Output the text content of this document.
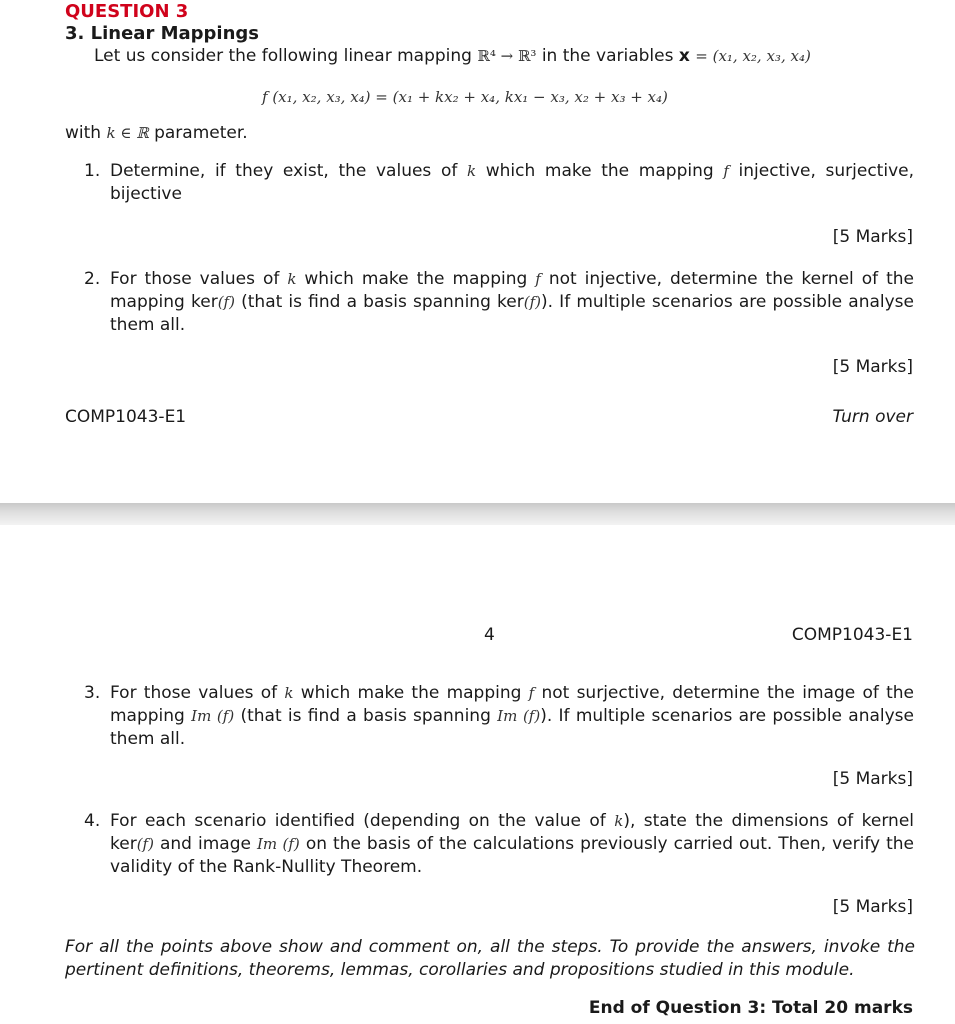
QUESTION 3
3. Linear Mappings
Let us consider the following linear mapping ℝ⁴ → ℝ³ in the variables x = (x₁, x₂, x₃, x₄)
f (x₁, x₂, x₃, x₄) = (x₁ + kx₂ + x₄, kx₁ − x₃, x₂ + x₃ + x₄)
with k ∈ ℝ parameter.
1. Determine, if they exist, the values of k which make the mapping f injective, surjective, bijective
[5 Marks]
2. For those values of k which make the mapping f not injective, determine the kernel of the mapping ker(f) (that is find a basis spanning ker(f)). If multiple scenarios are possible analyse them all.
[5 Marks]
COMP1043-E1	Turn over
4	COMP1043-E1
3. For those values of k which make the mapping f not surjective, determine the image of the mapping Im (f) (that is find a basis spanning Im (f)). If multiple scenarios are possible analyse them all.
[5 Marks]
4. For each scenario identified (depending on the value of k), state the dimensions of kernel ker(f) and image Im (f) on the basis of the calculations previously carried out. Then, verify the validity of the Rank-Nullity Theorem.
[5 Marks]
For all the points above show and comment on, all the steps. To provide the answers, invoke the pertinent definitions, theorems, lemmas, corollaries and propositions studied in this module.
End of Question 3: Total 20 marks
